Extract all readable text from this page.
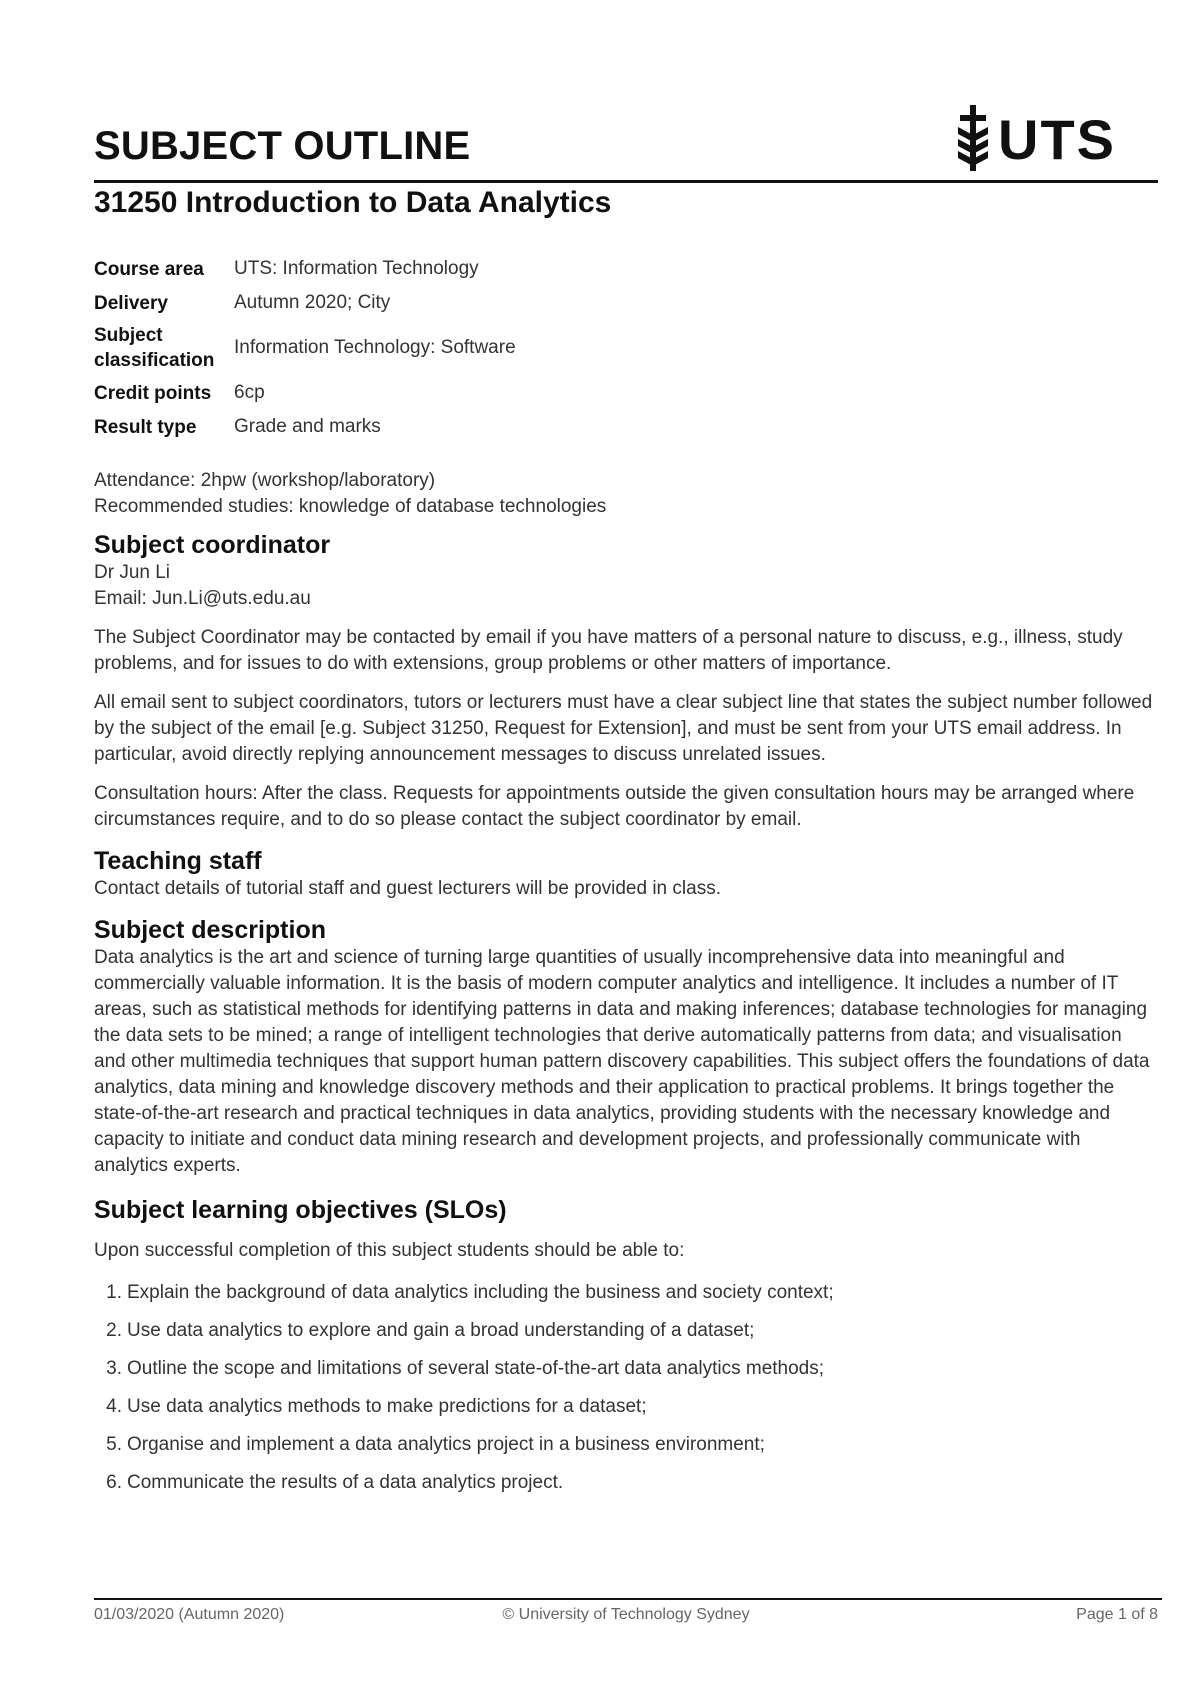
SUBJECT OUTLINE	UTS
31250 Introduction to Data Analytics
Course area	UTS: Information Technology
Delivery	Autumn 2020; City
Subject classification	Information Technology: Software
Credit points	6cp
Result type	Grade and marks

Attendance: 2hpw (workshop/laboratory)

Recommended studies: knowledge of database technologies

Subject coordinator

Dr Jun Li

Email: Jun.Li@uts.edu.au

The Subject Coordinator may be contacted by email if you have matters of a personal nature to discuss, e.g., illness, study problems, and for issues to do with extensions, group problems or other matters of importance.

All email sent to subject coordinators, tutors or lecturers must have a clear subject line that states the subject number followed by the subject of the email [e.g. Subject 31250, Request for Extension], and must be sent from your UTS email address. In particular, avoid directly replying announcement messages to discuss unrelated issues.

Consultation hours: After the class. Requests for appointments outside the given consultation hours may be arranged where circumstances require, and to do so please contact the subject coordinator by email.

Teaching staff

Contact details of tutorial staff and guest lecturers will be provided in class.

Subject description

Data analytics is the art and science of turning large quantities of usually incomprehensive data into meaningful and commercially valuable information. It is the basis of modern computer analytics and intelligence. It includes a number of IT areas, such as statistical methods for identifying patterns in data and making inferences; database technologies for managing the data sets to be mined; a range of intelligent technologies that derive automatically patterns from data; and visualisation and other multimedia techniques that support human pattern discovery capabilities. This subject offers the foundations of data analytics, data mining and knowledge discovery methods and their application to practical problems. It brings together the state-of-the-art research and practical techniques in data analytics, providing students with the necessary knowledge and capacity to initiate and conduct data mining research and development projects, and professionally communicate with analytics experts.

Subject learning objectives (SLOs)

Upon successful completion of this subject students should be able to:

1. Explain the background of data analytics including the business and society context;
2. Use data analytics to explore and gain a broad understanding of a dataset;
3. Outline the scope and limitations of several state-of-the-art data analytics methods;
4. Use data analytics methods to make predictions for a dataset;
5. Organise and implement a data analytics project in a business environment;
6. Communicate the results of a data analytics project.
01/03/2020 (Autumn 2020)	© University of Technology Sydney	Page 1 of 8
